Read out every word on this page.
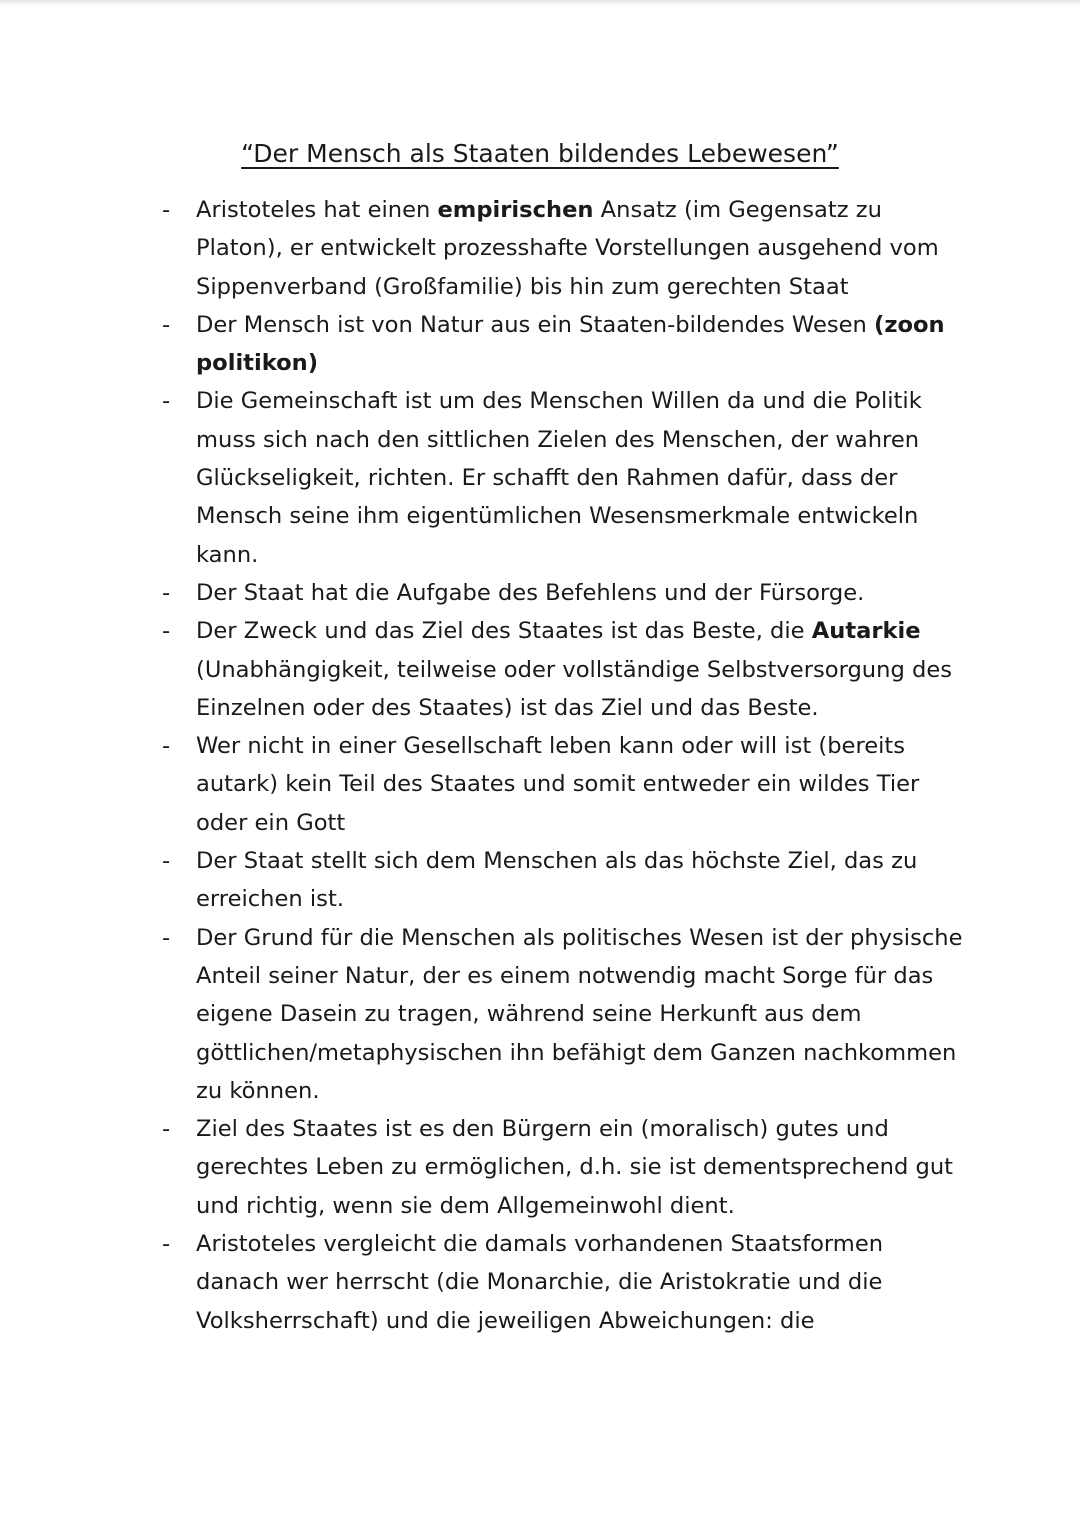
“Der Mensch als Staaten bildendes Lebewesen”
- Aristoteles hat einen empirischen Ansatz (im Gegensatz zu Platon), er entwickelt prozesshafte Vorstellungen ausgehend vom Sippenverband (Großfamilie) bis hin zum gerechten Staat
- Der Mensch ist von Natur aus ein Staaten-bildendes Wesen (zoon politikon)
- Die Gemeinschaft ist um des Menschen Willen da und die Politik muss sich nach den sittlichen Zielen des Menschen, der wahren Glückseligkeit, richten. Er schafft den Rahmen dafür, dass der Mensch seine ihm eigentümlichen Wesensmerkmale entwickeln kann.
- Der Staat hat die Aufgabe des Befehlens und der Fürsorge.
- Der Zweck und das Ziel des Staates ist das Beste, die Autarkie (Unabhängigkeit, teilweise oder vollständige Selbstversorgung des Einzelnen oder des Staates) ist das Ziel und das Beste.
- Wer nicht in einer Gesellschaft leben kann oder will ist (bereits autark) kein Teil des Staates und somit entweder ein wildes Tier oder ein Gott
- Der Staat stellt sich dem Menschen als das höchste Ziel, das zu erreichen ist.
- Der Grund für die Menschen als politisches Wesen ist der physische Anteil seiner Natur, der es einem notwendig macht Sorge für das eigene Dasein zu tragen, während seine Herkunft aus dem göttlichen/metaphysischen ihn befähigt dem Ganzen nachkommen zu können.
- Ziel des Staates ist es den Bürgern ein (moralisch) gutes und gerechtes Leben zu ermöglichen, d.h. sie ist dementsprechend gut und richtig, wenn sie dem Allgemeinwohl dient.
- Aristoteles vergleicht die damals vorhandenen Staatsformen danach wer herrscht (die Monarchie, die Aristokratie und die Volksherrschaft) und die jeweiligen Abweichungen: die
